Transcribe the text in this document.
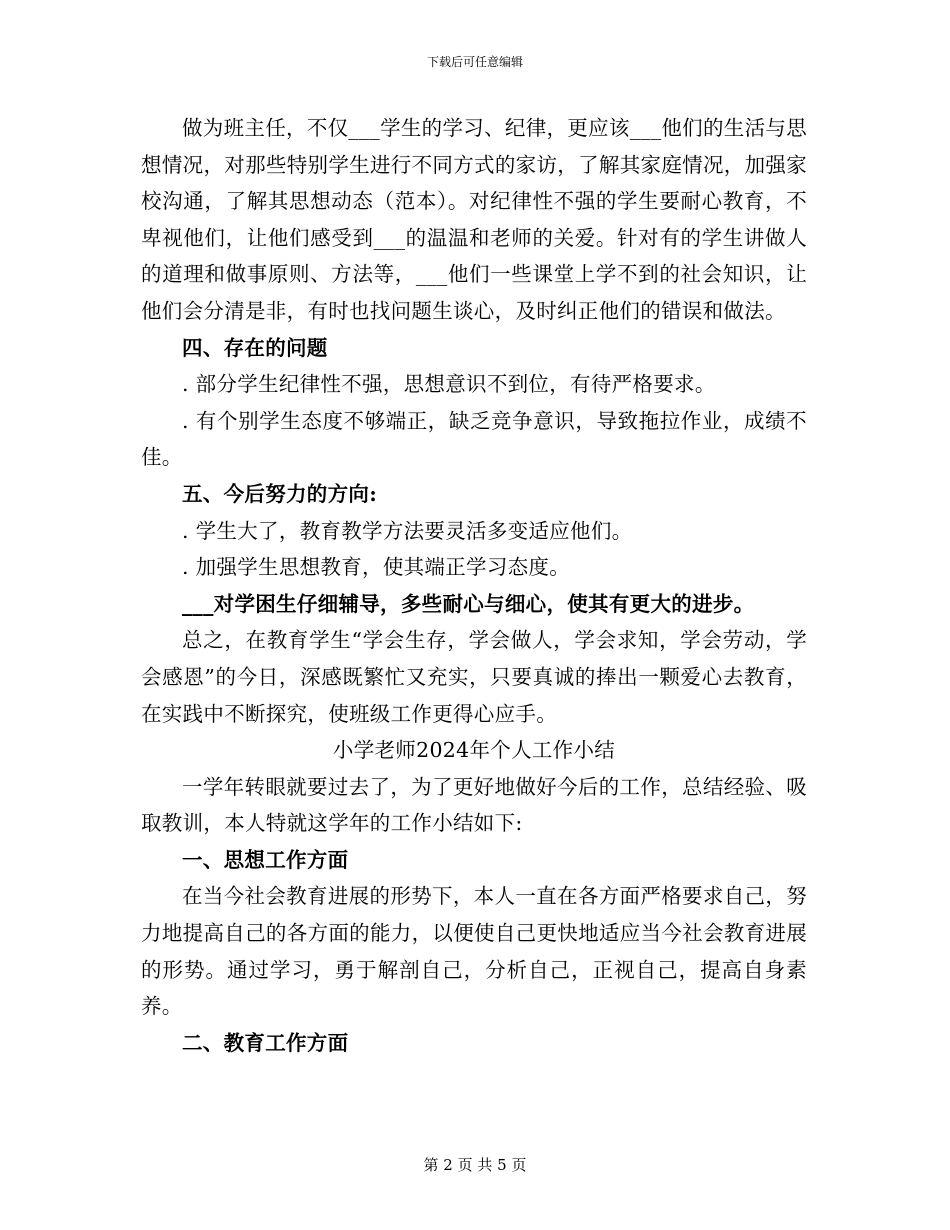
下载后可任意编辑

做为班主任，不仅___学生的学习、纪律，更应该___他们的生活与思想情况，对那些特别学生进行不同方式的家访，了解其家庭情况，加强家校沟通，了解其思想动态（范本）。对纪律性不强的学生要耐心教育，不卑视他们，让他们感受到___的温温和老师的关爱。针对有的学生讲做人的道理和做事原则、方法等，___他们一些课堂上学不到的社会知识，让他们会分清是非，有时也找问题生谈心，及时纠正他们的错误和做法。

四、存在的问题

. 部分学生纪律性不强，思想意识不到位，有待严格要求。

. 有个别学生态度不够端正，缺乏竞争意识，导致拖拉作业，成绩不佳。

五、今后努力的方向:

. 学生大了，教育教学方法要灵活多变适应他们。

. 加强学生思想教育，使其端正学习态度。

___对学困生仔细辅导，多些耐心与细心，使其有更大的进步。

总之，在教育学生“学会生存，学会做人，学会求知，学会劳动，学会感恩”的今日，深感既繁忙又充实，只要真诚的捧出一颗爱心去教育，在实践中不断探究，使班级工作更得心应手。

小学老师2024年个人工作小结

一学年转眼就要过去了，为了更好地做好今后的工作，总结经验、吸取教训，本人特就这学年的工作小结如下:

一、思想工作方面

在当今社会教育进展的形势下，本人一直在各方面严格要求自己，努力地提高自己的各方面的能力，以便使自己更快地适应当今社会教育进展的形势。通过学习，勇于解剖自己，分析自己，正视自己，提高自身素养。

二、教育工作方面

第 2 页 共 5 页
